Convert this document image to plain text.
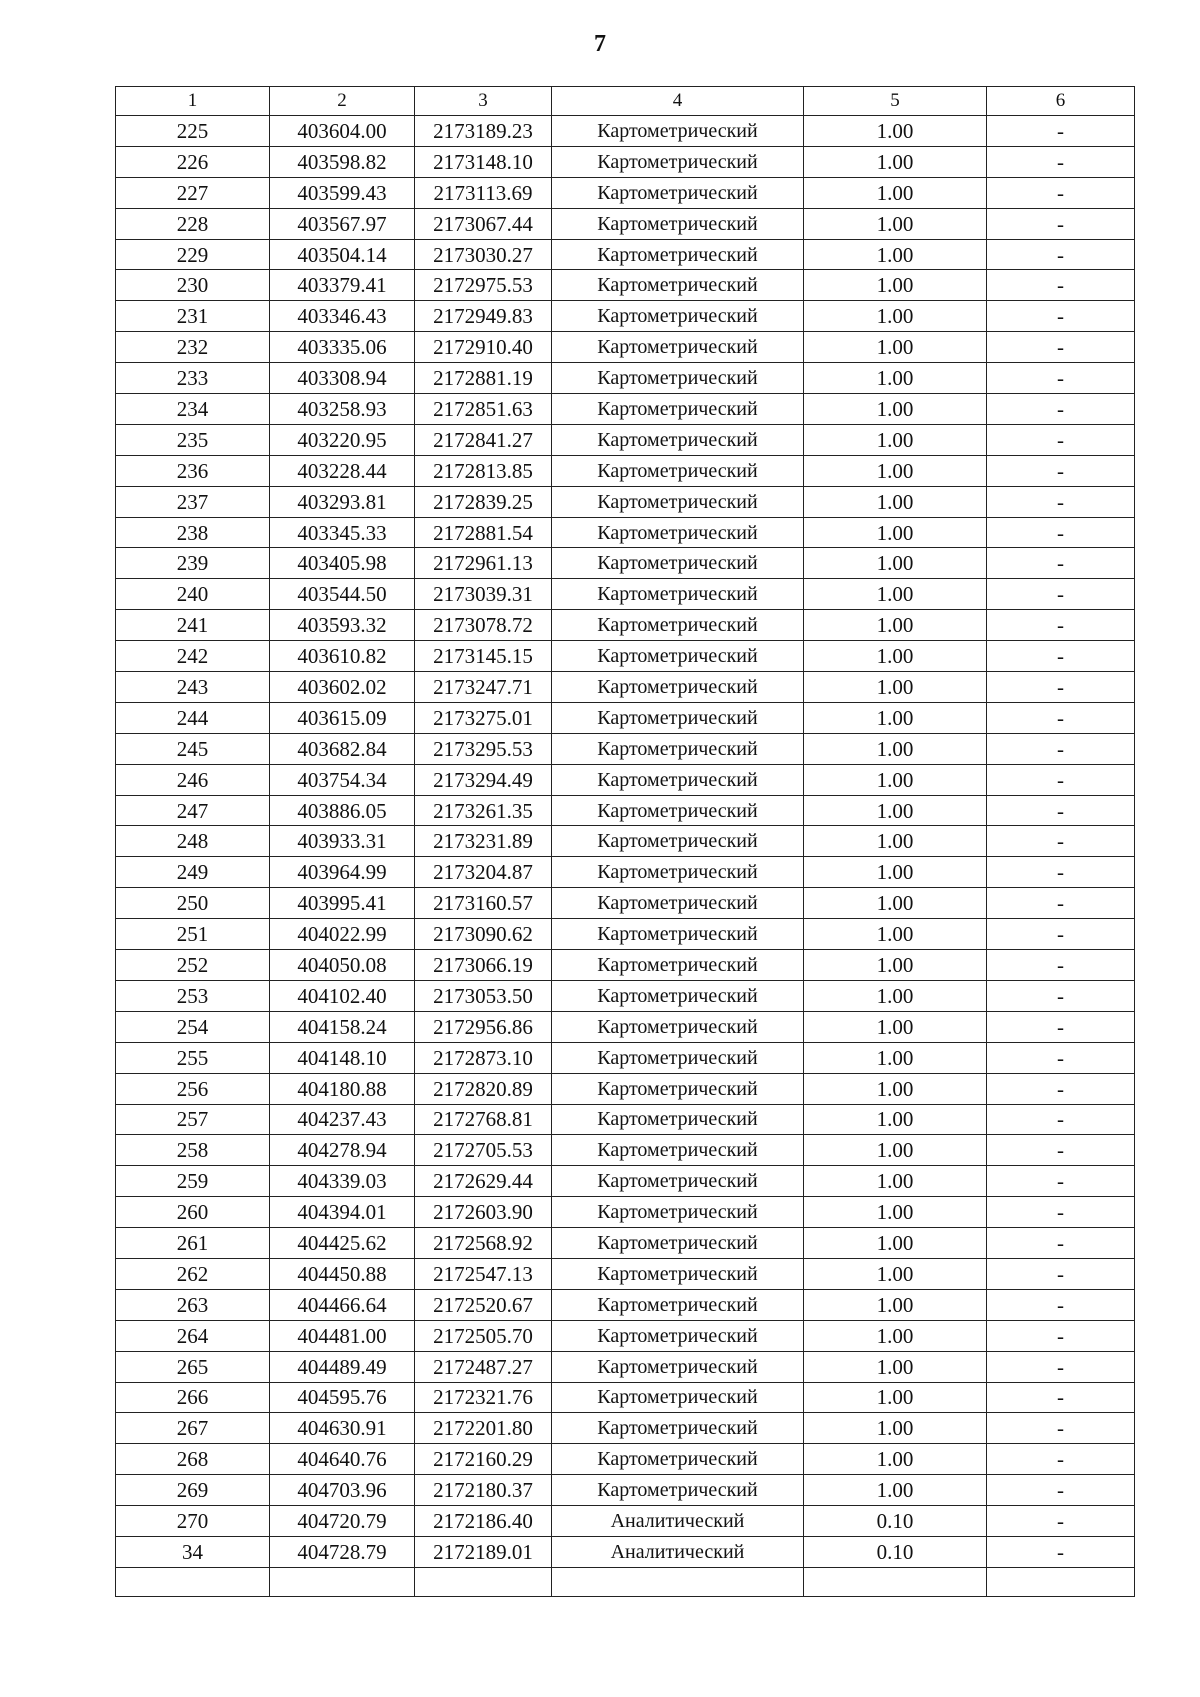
7
1	2	3	4	5	6
225	403604.00	2173189.23	Картометрический	1.00	-
226	403598.82	2173148.10	Картометрический	1.00	-
227	403599.43	2173113.69	Картометрический	1.00	-
228	403567.97	2173067.44	Картометрический	1.00	-
229	403504.14	2173030.27	Картометрический	1.00	-
230	403379.41	2172975.53	Картометрический	1.00	-
231	403346.43	2172949.83	Картометрический	1.00	-
232	403335.06	2172910.40	Картометрический	1.00	-
233	403308.94	2172881.19	Картометрический	1.00	-
234	403258.93	2172851.63	Картометрический	1.00	-
235	403220.95	2172841.27	Картометрический	1.00	-
236	403228.44	2172813.85	Картометрический	1.00	-
237	403293.81	2172839.25	Картометрический	1.00	-
238	403345.33	2172881.54	Картометрический	1.00	-
239	403405.98	2172961.13	Картометрический	1.00	-
240	403544.50	2173039.31	Картометрический	1.00	-
241	403593.32	2173078.72	Картометрический	1.00	-
242	403610.82	2173145.15	Картометрический	1.00	-
243	403602.02	2173247.71	Картометрический	1.00	-
244	403615.09	2173275.01	Картометрический	1.00	-
245	403682.84	2173295.53	Картометрический	1.00	-
246	403754.34	2173294.49	Картометрический	1.00	-
247	403886.05	2173261.35	Картометрический	1.00	-
248	403933.31	2173231.89	Картометрический	1.00	-
249	403964.99	2173204.87	Картометрический	1.00	-
250	403995.41	2173160.57	Картометрический	1.00	-
251	404022.99	2173090.62	Картометрический	1.00	-
252	404050.08	2173066.19	Картометрический	1.00	-
253	404102.40	2173053.50	Картометрический	1.00	-
254	404158.24	2172956.86	Картометрический	1.00	-
255	404148.10	2172873.10	Картометрический	1.00	-
256	404180.88	2172820.89	Картометрический	1.00	-
257	404237.43	2172768.81	Картометрический	1.00	-
258	404278.94	2172705.53	Картометрический	1.00	-
259	404339.03	2172629.44	Картометрический	1.00	-
260	404394.01	2172603.90	Картометрический	1.00	-
261	404425.62	2172568.92	Картометрический	1.00	-
262	404450.88	2172547.13	Картометрический	1.00	-
263	404466.64	2172520.67	Картометрический	1.00	-
264	404481.00	2172505.70	Картометрический	1.00	-
265	404489.49	2172487.27	Картометрический	1.00	-
266	404595.76	2172321.76	Картометрический	1.00	-
267	404630.91	2172201.80	Картометрический	1.00	-
268	404640.76	2172160.29	Картометрический	1.00	-
269	404703.96	2172180.37	Картометрический	1.00	-
270	404720.79	2172186.40	Аналитический	0.10	-
34	404728.79	2172189.01	Аналитический	0.10	-
